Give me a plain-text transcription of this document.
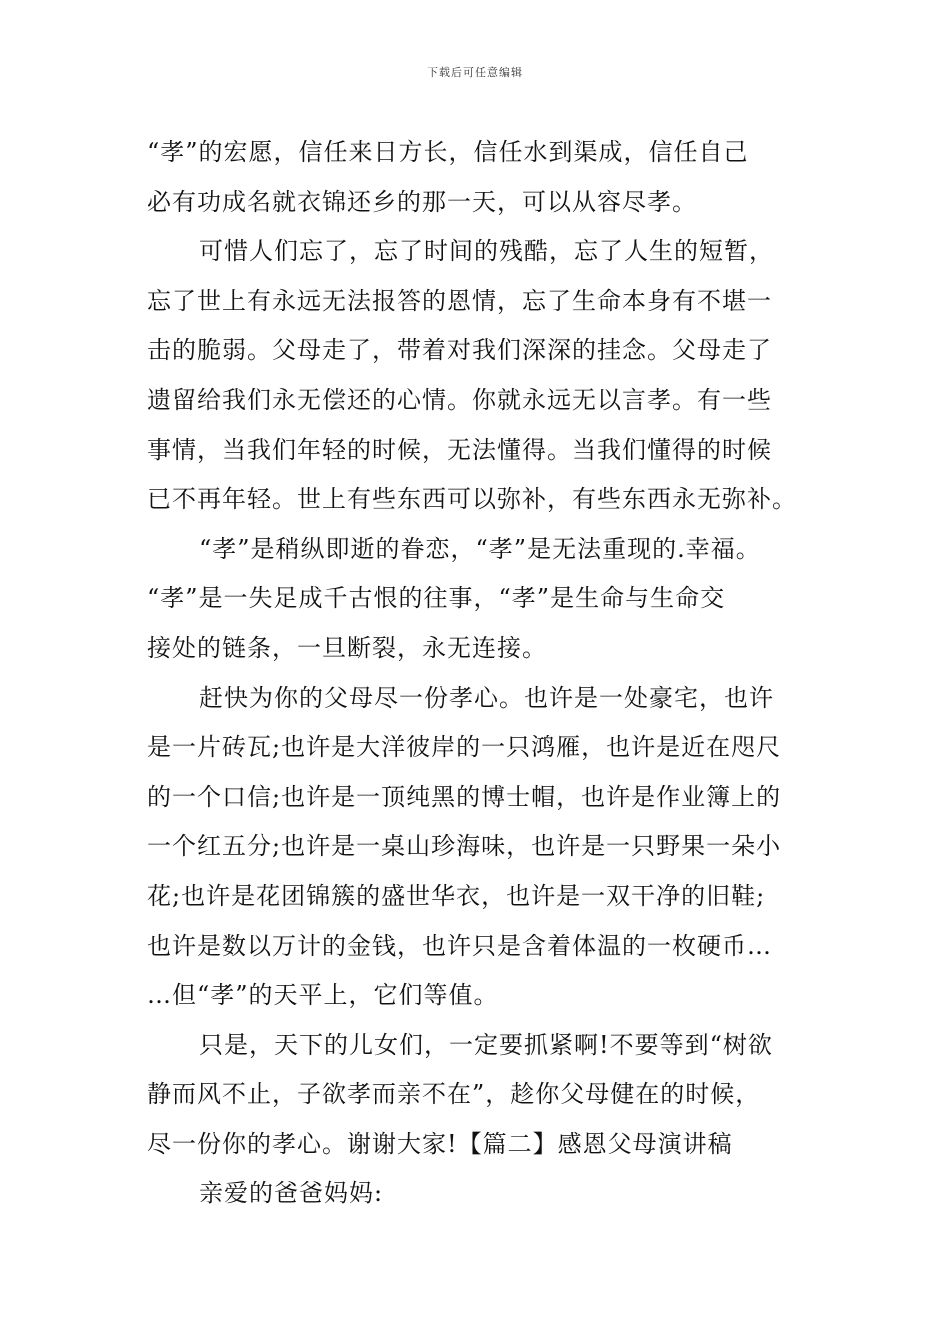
下载后可任意编辑
“孝”的宏愿，信任来日方长，信任水到渠成，信任自己
必有功成名就衣锦还乡的那一天，可以从容尽孝。
可惜人们忘了，忘了时间的残酷，忘了人生的短暂，
忘了世上有永远无法报答的恩情，忘了生命本身有不堪一
击的脆弱。父母走了，带着对我们深深的挂念。父母走了
遗留给我们永无偿还的心情。你就永远无以言孝。有一些
事情，当我们年轻的时候，无法懂得。当我们懂得的时候
已不再年轻。世上有些东西可以弥补，有些东西永无弥补。
“孝”是稍纵即逝的眷恋，“孝”是无法重现的.幸福。
“孝”是一失足成千古恨的往事，“孝”是生命与生命交
接处的链条，一旦断裂，永无连接。
赶快为你的父母尽一份孝心。也许是一处豪宅，也许
是一片砖瓦;也许是大洋彼岸的一只鸿雁，也许是近在咫尺
的一个口信;也许是一顶纯黑的博士帽，也许是作业簿上的
一个红五分;也许是一桌山珍海味，也许是一只野果一朵小
花;也许是花团锦簇的盛世华衣，也许是一双干净的旧鞋;
也许是数以万计的金钱，也许只是含着体温的一枚硬币…
…但“孝”的天平上，它们等值。
只是，天下的儿女们，一定要抓紧啊!不要等到“树欲
静而风不止，子欲孝而亲不在”，趁你父母健在的时候，
尽一份你的孝心。谢谢大家!【篇二】感恩父母演讲稿
亲爱的爸爸妈妈:
